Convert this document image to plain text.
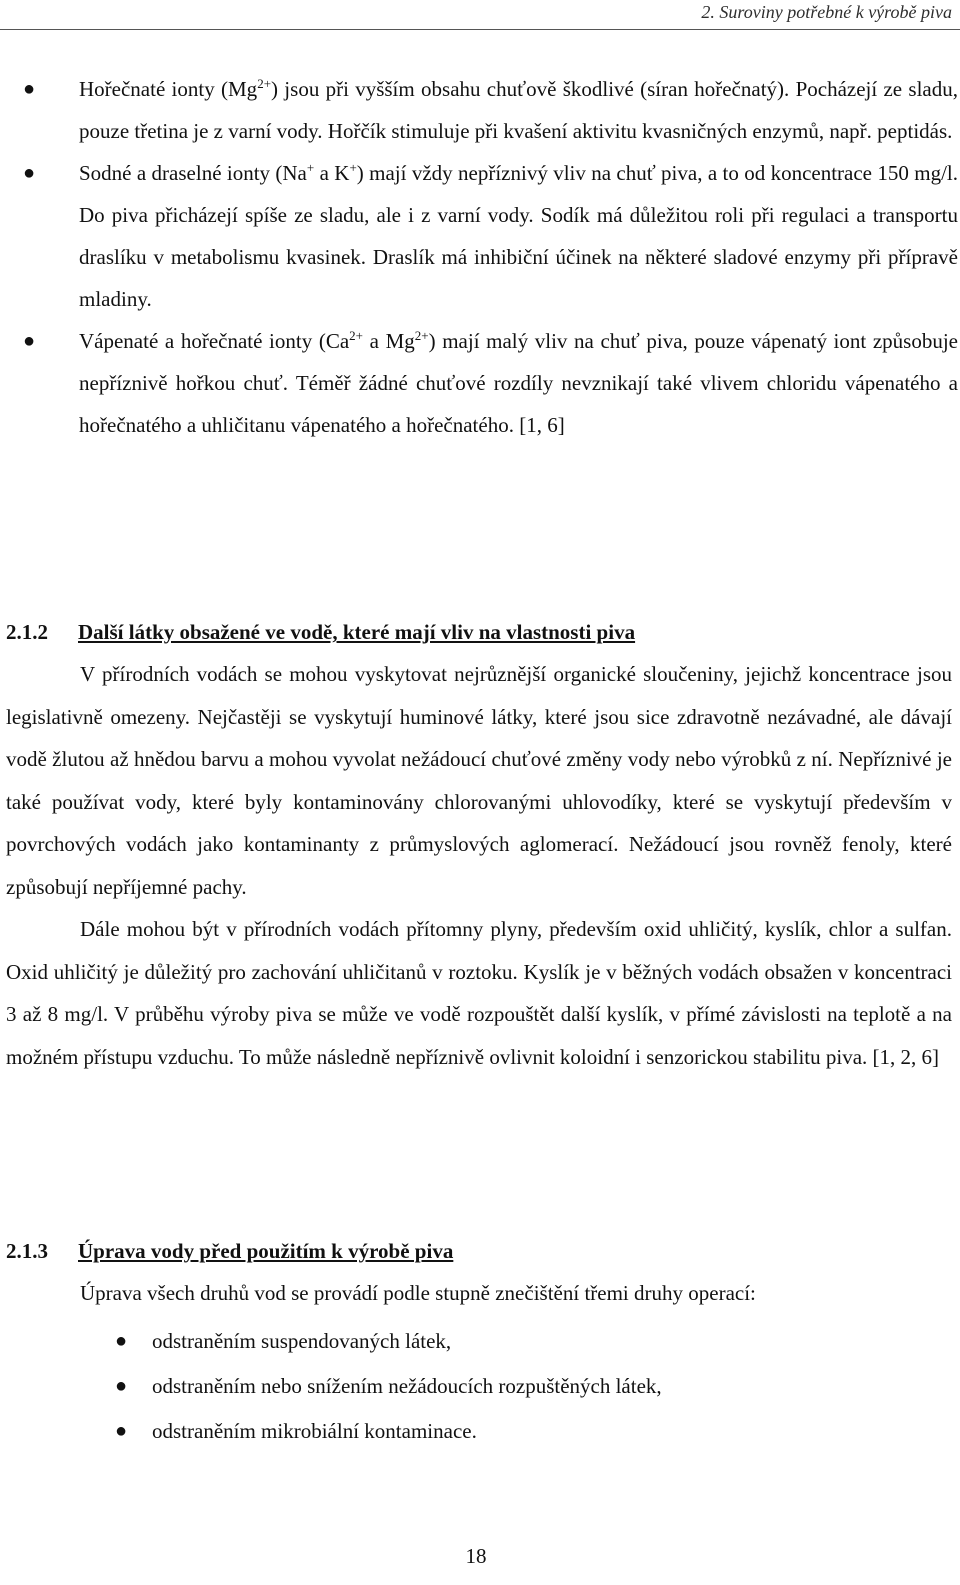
2. Suroviny potřebné k výrobě piva
● Hořečnaté ionty $(Mg^{2+})$ jsou při vyšším obsahu chuťově škodlivé (síran hořečnatý). Pocházejí ze sladu, pouze třetina je z varní vody. Hořčík stimuluje při kvašení aktivitu kvasničných enzymů, např. peptidás.

● Sodné a draselné ionty (Na+ a K+) mají vždy nepříznivý vliv na chuť piva, a to od koncentrace 150 mg/l. Do piva přicházejí spíše ze sladu, ale i z varní vody. Sodík má důležitou roli při regulaci a transportu draslíku v metabolismu kvasinek. Draslík má inhibiční účinek na některé sladové enzymy při přípravě mladiny.

● Vápenaté a hořečnaté ionty ($Ca^{2+}$ a $Mg^{2+}$) mají malý vliv na chuť piva, pouze vápenatý iont způsobuje nepříznivě hořkou chuť. Téměř žádné chuťové rozdíly nevznikají také vlivem chloridu vápenatého a hořečnatého a uhličitanu vápenatého a hořečnatého. [1, 6]

2.1.2 Další látky obsažené ve vodě, které mají vliv na vlastnosti piva

V přírodních vodách se mohou vyskytovat nejrůznější organické sloučeniny, jejichž koncentrace jsou legislativně omezeny. Nejčastěji se vyskytují huminové látky, které jsou sice zdravotně nezávadné, ale dávají vodě žlutou až hnědou barvu a mohou vyvolat nežádoucí chuťové změny vody nebo výrobků z ní. Nepříznivé je také používat vody, které byly kontaminovány chlorovanými uhlovodíky, které se vyskytují především v povrchových vodách jako kontaminanty z průmyslových aglomerací. Nežádoucí jsou rovněž fenoly, které způsobují nepříjemné pachy.

Dále mohou být v přírodních vodách přítomny plyny, především oxid uhličitý, kyslík, chlor a sulfan. Oxid uhličitý je důležitý pro zachování uhličitanů v roztoku. Kyslík je v běžných vodách obsažen v koncentraci 3 až 8 mg/l. V průběhu výroby piva se může ve vodě rozpouštět další kyslík, v přímé závislosti na teplotě a na možném přístupu vzduchu. To může následně nepříznivě ovlivnit koloidní i senzorickou stabilitu piva. [1, 2, 6]

2.1.3 Úprava vody před použitím k výrobě piva

Úprava všech druhů vod se provádí podle stupně znečištění třemi druhy operací:

● odstraněním suspendovaných látek,
● odstraněním nebo snížením nežádoucích rozpuštěných látek,
● odstraněním mikrobiální kontaminace.
18
